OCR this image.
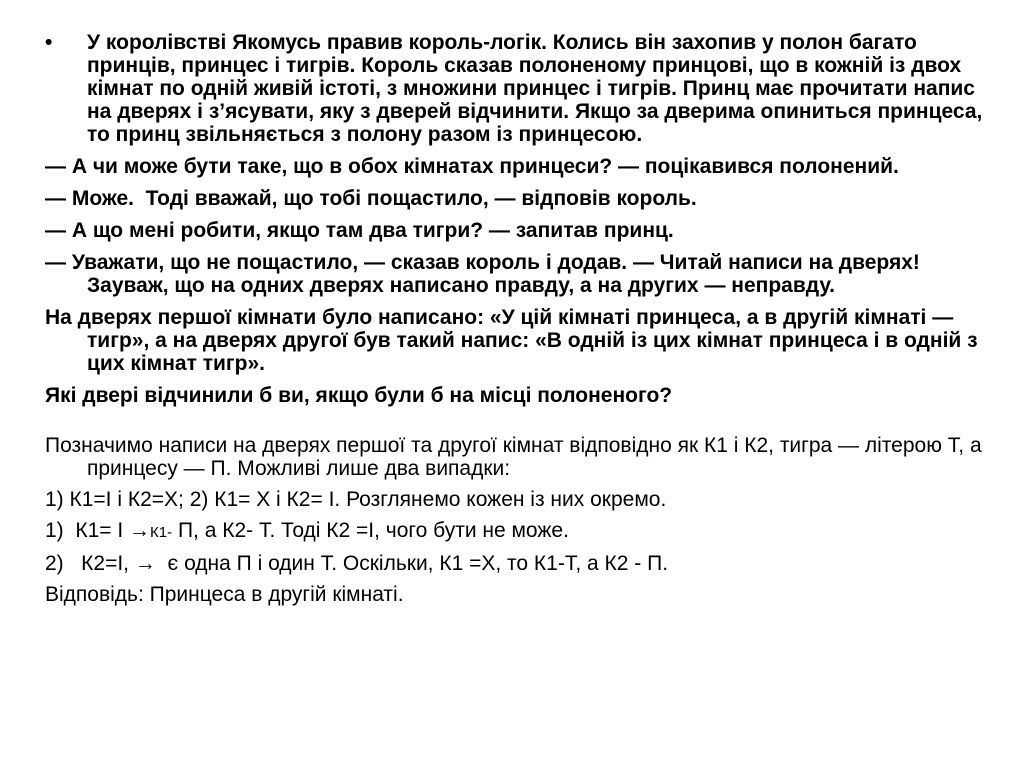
• У королівстві Якомусь правив король-логік. Колись він захопив у полон багато принців, принцес і тигрів. Король сказав полоненому принцові, що в кожній із двох кімнат по одній живій істоті, з множини принцес і тигрів. Принц має прочитати напис на дверях і з’ясувати, яку з дверей відчинити. Якщо за дверима опиниться принцеса, то принц звільняється з полону разом із принцесою.
— А чи може бути таке, що в обох кімнатах принцеси? — поцікавився полонений.
— Може.  Тоді вважай, що тобі пощастило, — відповів король.
— А що мені робити, якщо там два тигри? — запитав принц.
— Уважати, що не пощастило, — сказав король і додав. — Читай написи на дверях! Зауваж, що на одних дверях написано правду, а на других — неправду.
На дверях першої кімнати було написано: «У цій кімнаті принцеса, а в другій кімнаті — тигр», а на дверях другої був такий напис: «В одній із цих кімнат принцеса і в одній з цих кімнат тигр».
Які двері відчинили б ви, якщо були б на місці полоненого?
Позначимо написи на дверях першої та другої кімнат відповідно як К1 і К2, тигра — літерою Т, а принцесу — П. Можливі лише два випадки:
1) К1=І і К2=Х; 2) К1= Х і К2= І. Розглянемо кожен із них окремо.
1)  К1= І →К1- П, а К2- Т. Тоді К2 =І, чого бути не може.
2)   К2=І, →  є одна П і один Т. Оскільки, К1 =Х, то К1-Т, а К2 - П.
Відповідь: Принцеса в другій кімнаті.
